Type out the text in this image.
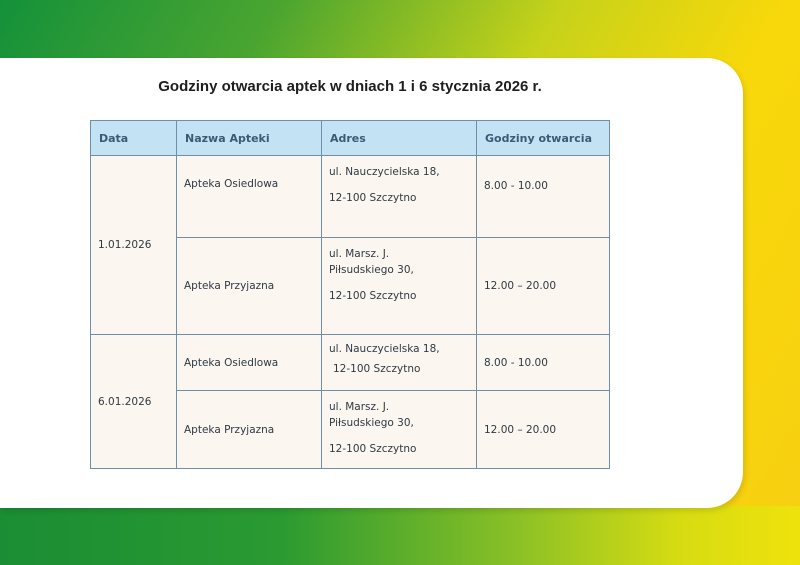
Godziny otwarcia aptek w dniach 1 i 6 stycznia 2026 r.
Data	Nazwa Apteki	Adres	Godziny otwarcia
1.01.2026	Apteka Osiedlowa	ul. Nauczycielska 18,
12-100 Szczytno	8.00 - 10.00
	Apteka Przyjazna	ul. Marsz. J.
Piłsudskiego 30,
12-100 Szczytno	12.00 – 20.00
6.01.2026	Apteka Osiedlowa	ul. Nauczycielska 18,
12-100 Szczytno	8.00 - 10.00
	Apteka Przyjazna	ul. Marsz. J.
Piłsudskiego 30,
12-100 Szczytno	12.00 – 20.00
